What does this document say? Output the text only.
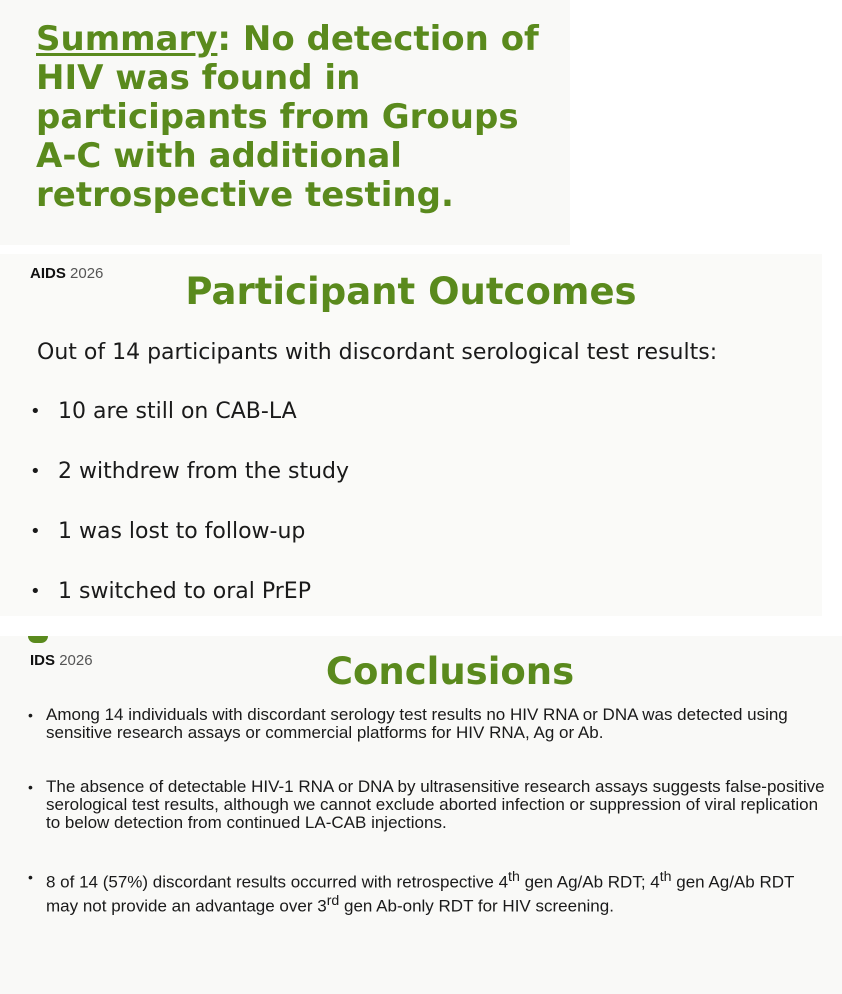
Summary: No detection of HIV was found in participants from Groups A-C with additional retrospective testing.

AIDS 2026	Participant Outcomes

Out of 14 participants with discordant serological test results:

• 10 are still on CAB-LA
• 2 withdrew from the study
• 1 was lost to follow-up
• 1 switched to oral PrEP
IDS 2026	Conclusions
• Among 14 individuals with discordant serology test results no HIV RNA or DNA was detected using sensitive research assays or commercial platforms for HIV RNA, Ag or Ab.
• The absence of detectable HIV-1 RNA or DNA by ultrasensitive research assays suggests false-positive serological test results, although we cannot exclude aborted infection or suppression of viral replication to below detection from continued LA-CAB injections.
• 8 of 14 (57%) discordant results occurred with retrospective 4th gen Ag/Ab RDT; 4th gen Ag/Ab RDT may not provide an advantage over 3rd gen Ab-only RDT for HIV screening.
